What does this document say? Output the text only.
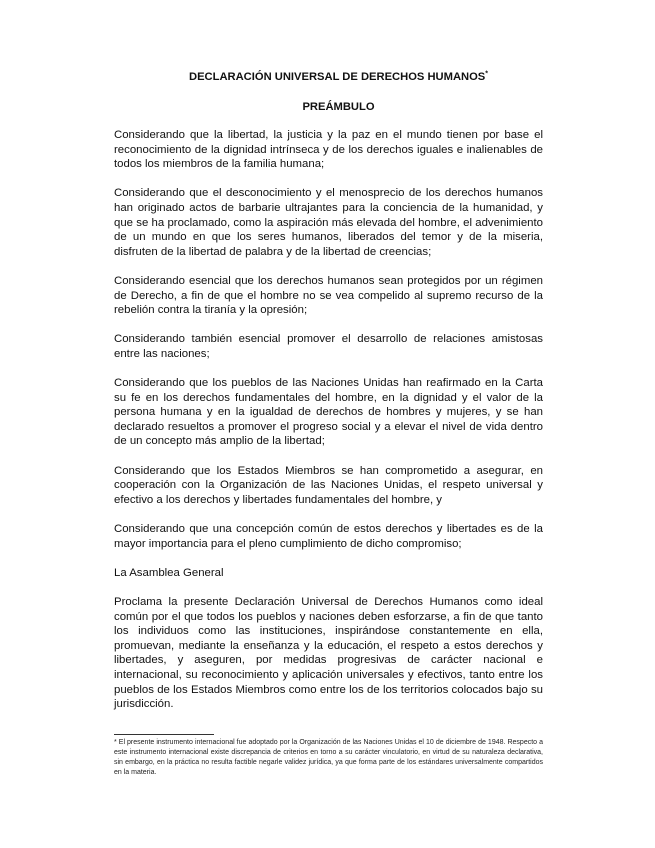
DECLARACIÓN UNIVERSAL DE DERECHOS HUMANOS*
PREÁMBULO

Considerando que la libertad, la justicia y la paz en el mundo tienen por base el reconocimiento de la dignidad intrínseca y de los derechos iguales e inalienables de todos los miembros de la familia humana;

Considerando que el desconocimiento y el menosprecio de los derechos humanos han originado actos de barbarie ultrajantes para la conciencia de la humanidad, y que se ha proclamado, como la aspiración más elevada del hombre, el advenimiento de un mundo en que los seres humanos, liberados del temor y de la miseria, disfruten de la libertad de palabra y de la libertad de creencias;

Considerando esencial que los derechos humanos sean protegidos por un régimen de Derecho, a fin de que el hombre no se vea compelido al supremo recurso de la rebelión contra la tiranía y la opresión;

Considerando también esencial promover el desarrollo de relaciones amistosas entre las naciones;

Considerando que los pueblos de las Naciones Unidas han reafirmado en la Carta su fe en los derechos fundamentales del hombre, en la dignidad y el valor de la persona humana y en la igualdad de derechos de hombres y mujeres, y se han declarado resueltos a promover el progreso social y a elevar el nivel de vida dentro de un concepto más amplio de la libertad;

Considerando que los Estados Miembros se han comprometido a asegurar, en cooperación con la Organización de las Naciones Unidas, el respeto universal y efectivo a los derechos y libertades fundamentales del hombre, y

Considerando que una concepción común de estos derechos y libertades es de la mayor importancia para el pleno cumplimiento de dicho compromiso;

La Asamblea General

Proclama la presente Declaración Universal de Derechos Humanos como ideal común por el que todos los pueblos y naciones deben esforzarse, a fin de que tanto los individuos como las instituciones, inspirándose constantemente en ella, promuevan, mediante la enseñanza y la educación, el respeto a estos derechos y libertades, y aseguren, por medidas progresivas de carácter nacional e internacional, su reconocimiento y aplicación universales y efectivos, tanto entre los pueblos de los Estados Miembros como entre los de los territorios colocados bajo su jurisdicción.

* El presente instrumento internacional fue adoptado por la Organización de las Naciones Unidas el 10 de diciembre de 1948. Respecto a este instrumento internacional existe discrepancia de criterios en torno a su carácter vinculatorio, en virtud de su naturaleza declarativa, sin embargo, en la práctica no resulta factible negarle validez jurídica, ya que forma parte de los estándares universalmente compartidos en la materia.
